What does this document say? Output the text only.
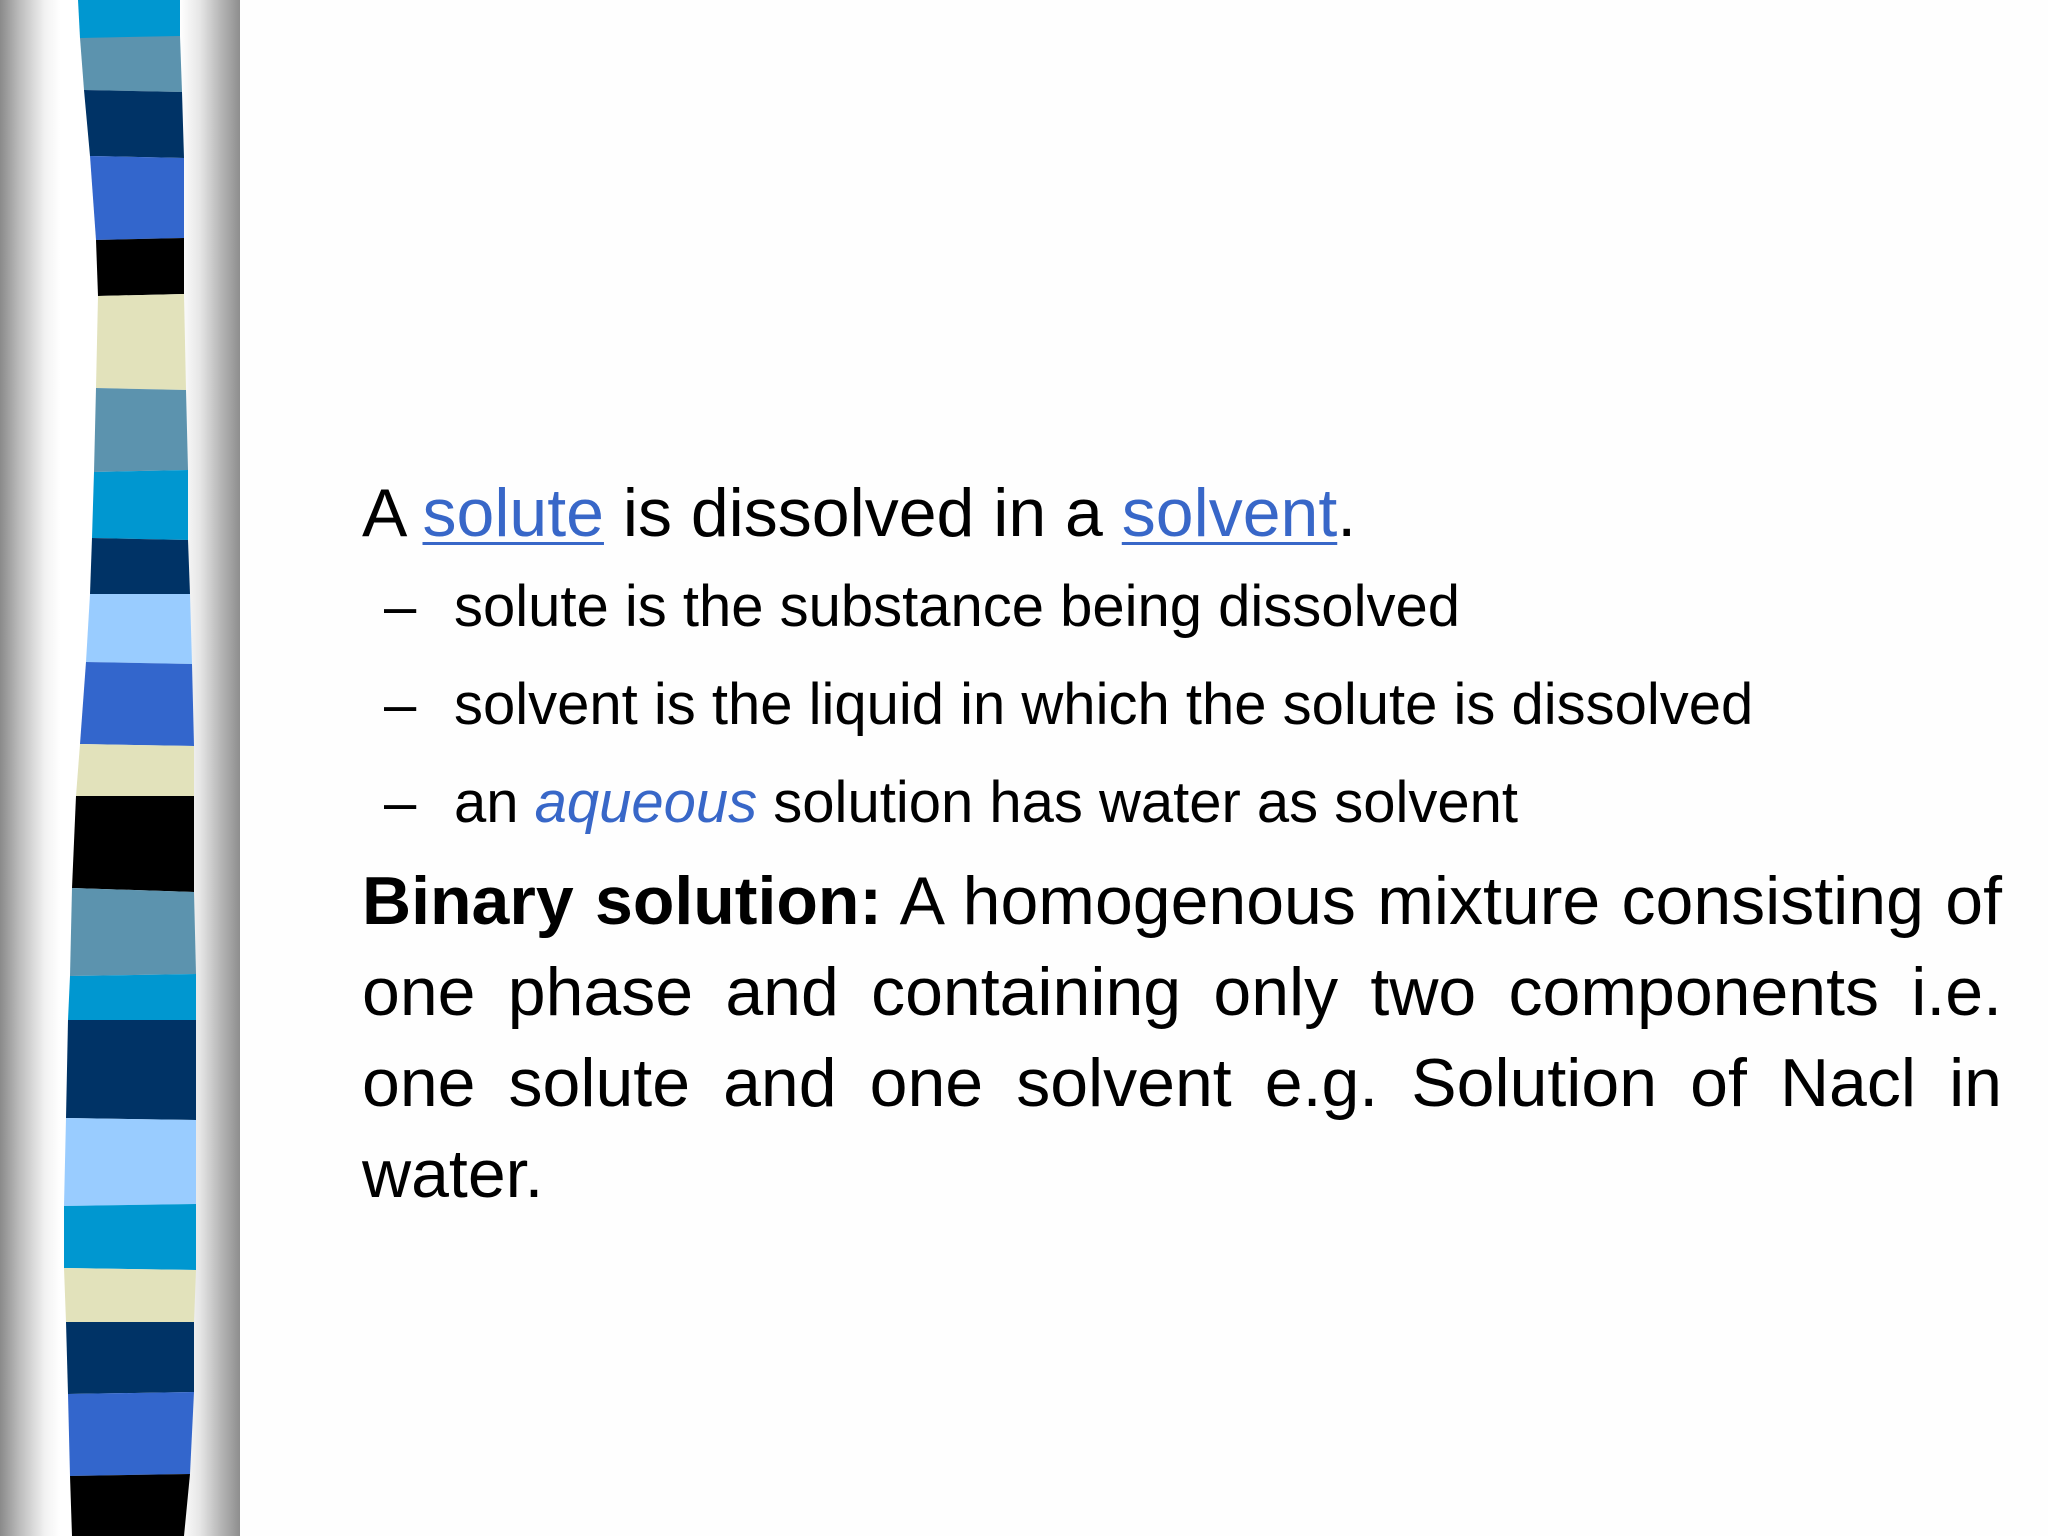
A solute is dissolved in a solvent.

– solute is the substance being dissolved
– solvent is the liquid in which the solute is dissolved
– an aqueous solution has water as solvent

Binary solution: A homogenous mixture consisting of one phase and containing only two components i.e. one solute and one solvent e.g. Solution of Nacl in water.
